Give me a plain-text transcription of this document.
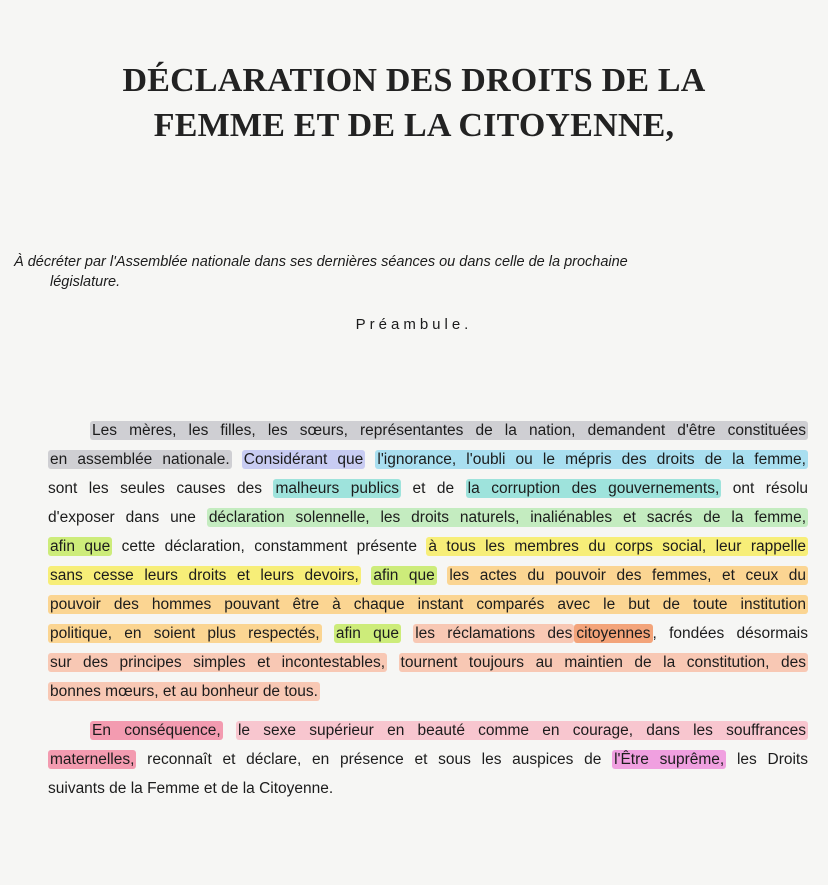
DÉCLARATION DES DROITS DE LA
FEMME ET DE LA CITOYENNE,
À décréter par l'Assemblée nationale dans ses dernières séances ou dans celle de la prochaine
législature.
Préambule.
Les mères, les filles, les sœurs, représentantes de la nation, demandent d'être constituées
en assemblée nationale. Considérant que l'ignorance, l'oubli ou le mépris des droits de la femme,
sont les seules causes des malheurs publics et de la corruption des gouvernements, ont résolu
d'exposer dans une déclaration solennelle, les droits naturels, inaliénables et sacrés de la femme,
afin que cette déclaration, constamment présente à tous les membres du corps social, leur rappelle
sans cesse leurs droits et leurs devoirs, afin que les actes du pouvoir des femmes, et ceux du
pouvoir des hommes pouvant être à chaque instant comparés avec le but de toute institution
politique, en soient plus respectés, afin que les réclamations des citoyennes , fondées désormais
sur des principes simples et incontestables, tournent toujours au maintien de la constitution, des
bonnes mœurs, et au bonheur de tous.
En conséquence, le sexe supérieur en beauté comme en courage, dans les souffrances
maternelles, reconnaît et déclare, en présence et sous les auspices de l'Être suprême, les Droits
suivants de la Femme et de la Citoyenne.
